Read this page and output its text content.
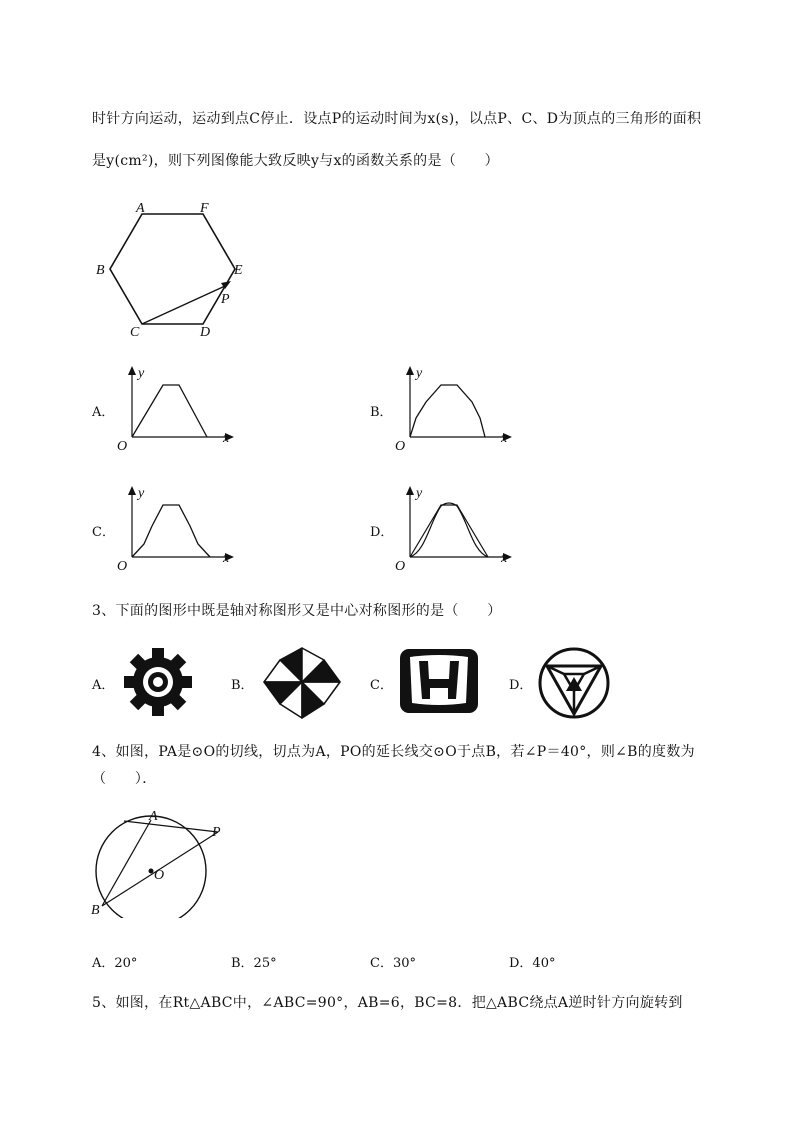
时针方向运动，运动到点C停止．设点P的运动时间为x(s)，以点P、C、D为顶点的三角形的面积
是y(cm²)，则下列图像能大致反映y与x的函数关系的是（　　）
A	F
B	E
P
C	D
A．
y
x
O
B．
y
x
O
C．
y
x
O
D．
y
x
O
3、下面的图形中既是轴对称图形又是中心对称图形的是（　　）
A．	B．	C．	D．
4、如图，PA是⊙O的切线，切点为A，PO的延长线交⊙O于点B，若∠P＝40°，则∠B的度数为
（　　）．
A
P
O
B
A．20°	B．25°	C．30°	D．40°
5、如图，在Rt△ABC中，∠ABC=90°，AB=6，BC=8．把△ABC绕点A逆时针方向旋转到
